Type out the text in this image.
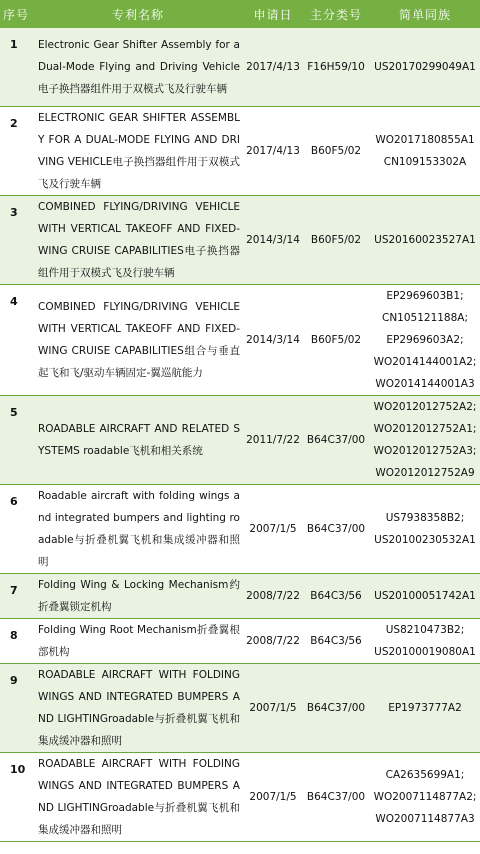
序号	专利名称	申请日	主分类号	简单同族
1	Electronic Gear Shifter Assembly for a Dual-Mode Flying and Driving Vehicle电子换挡器组件用于双模式飞及行驶车辆	2017/4/13	F16H59/10	US20170299049A1

2	ELECTRONIC GEAR SHIFTER ASSEMBLY FOR A DUAL-MODE FLYING AND DRIVING VEHICLE电子换挡器组件用于双模式飞及行驶车辆	2017/4/13	B60F5/02	WO2017180855A1
CN109153302A

3	COMBINED FLYING/DRIVING VEHICLE WITH VERTICAL TAKEOFF AND FIXED-WING CRUISE CAPABILITIES电子换挡器组件用于双模式飞及行驶车辆	2014/3/14	B60F5/02	US20160023527A1

4	COMBINED FLYING/DRIVING VEHICLE WITH VERTICAL TAKEOFF AND FIXED-WING CRUISE CAPABILITIES组合与垂直起飞和飞/驱动车辆固定-翼巡航能力	2014/3/14	B60F5/02	EP2969603B1;
CN105121188A;
EP2969603A2;
WO2014144001A2;
WO2014144001A3

5	ROADABLE AIRCRAFT AND RELATED SYSTEMS roadable飞机和相关系统	2011/7/22	B64C37/00	WO2012012752A2;
WO2012012752A1;
WO2012012752A3;
WO2012012752A9

6	Roadable aircraft with folding wings and integrated bumpers and lighting roadable与折叠机翼飞机和集成缓冲器和照明	2007/1/5	B64C37/00	US7938358B2;
US20100230532A1

7	Folding Wing & Locking Mechanism约折叠翼锁定机构	2008/7/22	B64C3/56	US20100051742A1

8	Folding Wing Root Mechanism折叠翼根部机构	2008/7/22	B64C3/56	US8210473B2;
US20100019080A1

9	ROADABLE AIRCRAFT WITH FOLDING WINGS AND INTEGRATED BUMPERS AND LIGHTINGroadable与折叠机翼飞机和集成缓冲器和照明	2007/1/5	B64C37/00	EP1973777A2

10	ROADABLE AIRCRAFT WITH FOLDING WINGS AND INTEGRATED BUMPERS AND LIGHTINGroadable与折叠机翼飞机和集成缓冲器和照明	2007/1/5	B64C37/00	CA2635699A1;
WO2007114877A2;
WO2007114877A3
